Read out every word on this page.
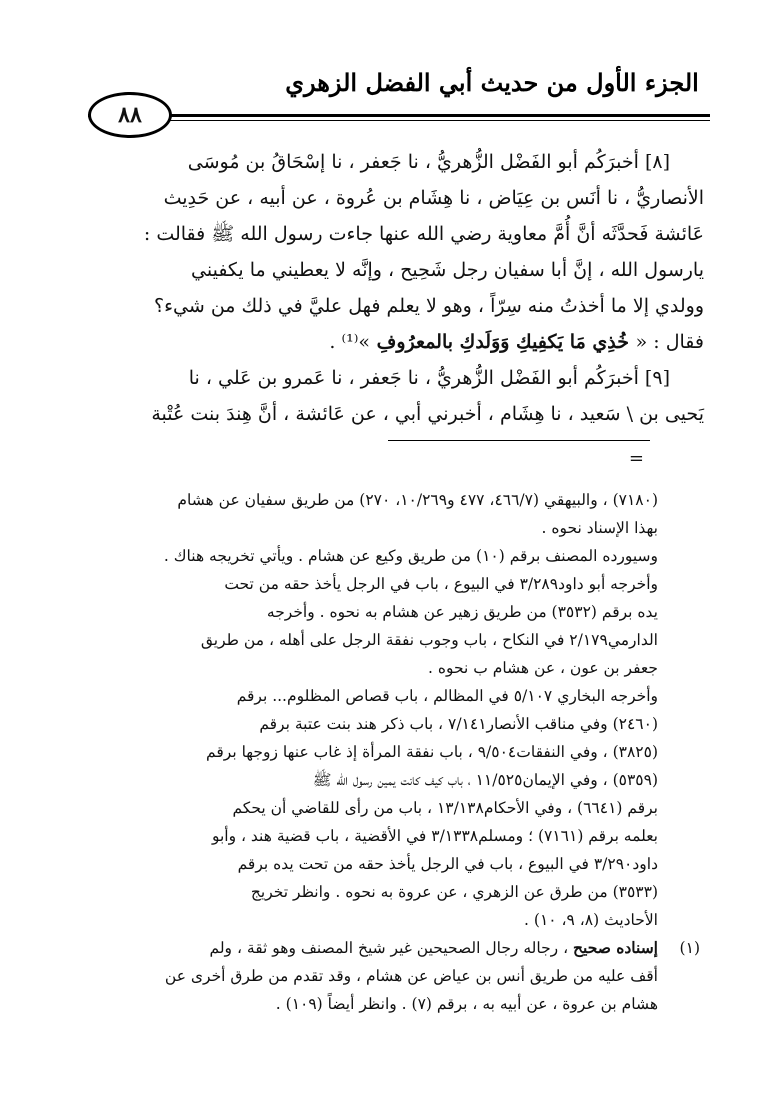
الجزء الأول من حديث أبي الفضل الزهري
٨٨

[٨] أخبرَكُم أبو الفَضْل الزُّهريُّ ، نا جَعفر ، نا إسْحَاقُ بن مُوسَى

الأنصاريُّ ، نا أنَس بن عِيَاض ، نا هِشَام بن عُروة ، عن أبيه ، عن حَدِيث

عَائشة فَحدَّثَه أنَّ أُمَّ معاوية رضي الله عنها جاءت رسول الله ﷺ فقالت :

يارسول الله ، إنَّ أبا سفيان رجل شَحِيح ، وإنَّه لا يعطيني ما يكفيني

وولدي إلا ما أخذتُ منه سِرّاً ، وهو لا يعلم فهل عليَّ في ذلك من شيء؟

فقال : « خُذِي مَا يَكفِيكِ وَوَلَدكِ بالمعرُوفِ »⁽¹⁾ .

[٩] أخبرَكُم أبو الفَضْل الزُّهريُّ ، نا جَعفر ، نا عَمرو بن عَلي ، نا

يَحيى بن \ سَعيد ، نا هِشَام ، أخبرني أبي ، عن عَائشة ، أنَّ هِندَ بنت عُتْبة

=

(٧١٨٠) ، والبيهقي (٤٦٦/٧، ٤٧٧ و١٠/٢٦٩، ٢٧٠) من طريق سفيان عن هشام

بهذا الإسناد نحوه .

وسيورده المصنف برقم (١٠) من طريق وكيع عن هشام . ويأتي تخريجه هناك .

وأخرجه أبو داود٣/٢٨٩ في البيوع ، باب في الرجل يأخذ حقه من تحت

يده برقم (٣٥٣٢) من طريق زهير عن هشام به نحوه . وأخرجه

الدارمي٢/١٧٩ في النكاح ، باب وجوب نفقة الرجل على أهله ، من طريق

جعفر بن عون ، عن هشام ب نحوه .

وأخرجه البخاري ٥/١٠٧ في المظالم ، باب قصاص المظلوم... برقم

(٢٤٦٠) وفي مناقب الأنصار٧/١٤١ ، باب ذكر هند بنت عتبة برقم

(٣٨٢٥) ، وفي النفقات٩/٥٠٤ ، باب نفقة المرأة إذ غاب عنها زوجها برقم

(٥٣٥٩) ، وفي الإيمان١١/٥٢٥ ، باب كيف كانت يمين رسول الله ﷺ

برقم (٦٦٤١) ، وفي الأحكام١٣/١٣٨ ، باب من رأى للقاضي أن يحكم

بعلمه برقم (٧١٦١) ؛ ومسلم٣/١٣٣٨ في الأقضية ، باب قضية هند ، وأبو

داود٣/٢٩٠ في البيوع ، باب في الرجل يأخذ حقه من تحت يده برقم

(٣٥٣٣) من طرق عن الزهري ، عن عروة به نحوه . وانظر تخريج

الأحاديث (٨، ٩، ١٠) .

(١)

إسناده صحيح ، رجاله رجال الصحيحين غير شيخ المصنف وهو ثقة ، ولم

أقف عليه من طريق أنس بن عياض عن هشام ، وقد تقدم من طرق أخرى عن

هشام بن عروة ، عن أبيه به ، برقم (٧) . وانظر أيضاً (١٠٩) .
